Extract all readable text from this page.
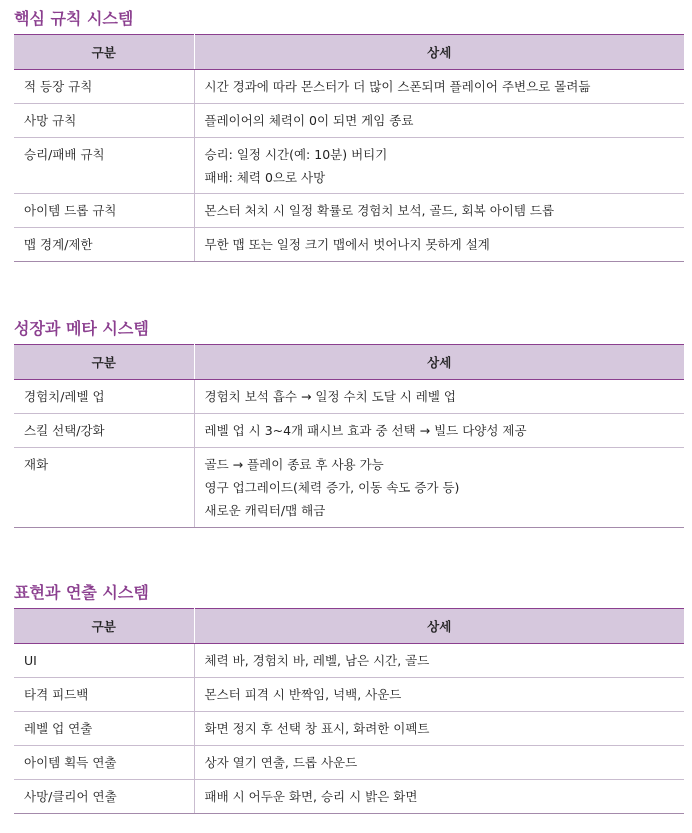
핵심 규칙 시스템
구분	상세
적 등장 규칙	시간 경과에 따라 몬스터가 더 많이 스폰되며 플레이어 주변으로 몰려듦

사망 규칙	플레이어의 체력이 0이 되면 게임 종료

승리/패배 규칙	승리: 일정 시간(예: 10분) 버티기
패배: 체력 0으로 사망

아이템 드롭 규칙	몬스터 처치 시 일정 확률로 경험치 보석, 골드, 회복 아이템 드롭

맵 경계/제한	무한 맵 또는 일정 크기 맵에서 벗어나지 못하게 설계
성장과 메타 시스템
구분	상세
경험치/레벨 업	경험치 보석 흡수 → 일정 수치 도달 시 레벨 업

스킬 선택/강화	레벨 업 시 3~4개 패시브 효과 중 선택 → 빌드 다양성 제공

재화	골드 → 플레이 종료 후 사용 가능
영구 업그레이드(체력 증가, 이동 속도 증가 등)
새로운 캐릭터/맵 해금
표현과 연출 시스템
구분	상세
UI	체력 바, 경험치 바, 레벨, 남은 시간, 골드

타격 피드백	몬스터 피격 시 반짝임, 넉백, 사운드

레벨 업 연출	화면 정지 후 선택 창 표시, 화려한 이펙트

아이템 획득 연출	상자 열기 연출, 드롭 사운드

사망/클리어 연출	패배 시 어두운 화면, 승리 시 밝은 화면
